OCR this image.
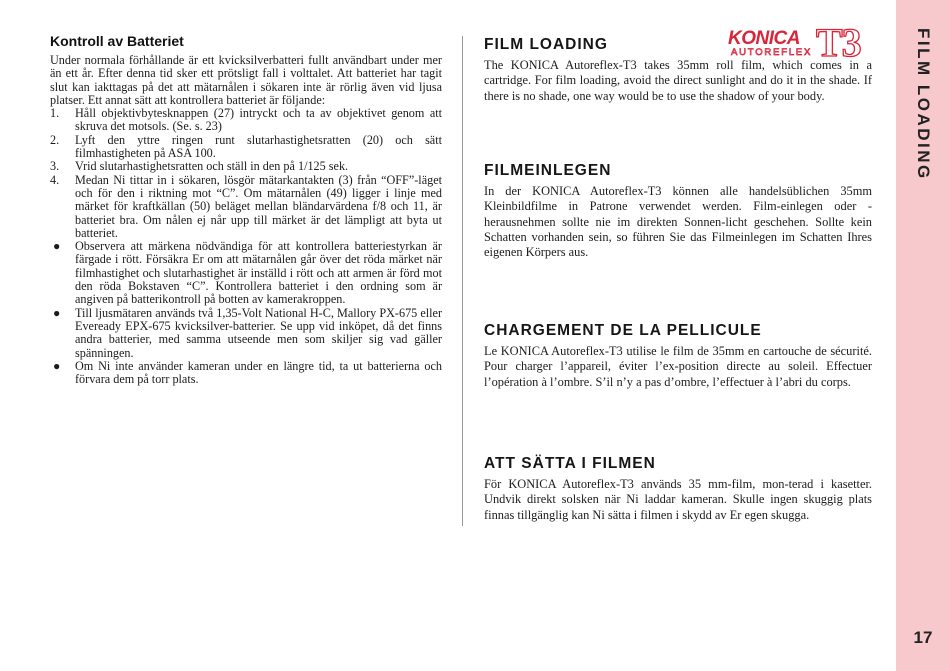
Kontroll av Batteriet

Under normala förhållande är ett kvicksilverbatteri fullt användbart under mer än ett år. Efter denna tid sker ett prötsligt fall i volttalet. Att batteriet har tagit slut kan iakttagas på det att mätarnålen i sökaren inte är rörlig även vid ljusa platser. Ett annat sätt att kontrollera batteriet är följande:

1. Håll objektivbytesknappen (27) intryckt och ta av objektivet genom att skruva det motsols. (Se. s. 23)
2. Lyft den yttre ringen runt slutarhastighetsratten (20) och sätt filmhastigheten på ASA 100.
3. Vrid slutarhastighetsratten och ställ in den på 1/125 sek.
4. Medan Ni tittar in i sökaren, lösgör mätarkantakten (3) från “OFF”-läget och för den i riktning mot “C”. Om mätarnålen (49) ligger i linje med märket för kraftkällan (50) beläget mellan bländarvärdena f/8 och 11, är batteriet bra. Om nålen ej når upp till märket är det lämpligt att byta ut batteriet.
● Observera att märkena nödvändiga för att kontrollera batteriestyrkan är färgade i rött. Försäkra Er om att mätarnålen går över det röda märket när filmhastighet och slutarhastighet är inställd i rött och att armen är förd mot den röda Bokstaven “C”. Kontrollera batteriet i den ordning som är angiven på batterikontroll på botten av kamerakroppen.
● Till ljusmätaren används två 1,35-Volt National H-C, Mallory PX-675 eller Eveready EPX-675 kvicksilver-batterier. Se upp vid inköpet, då det finns andra batterier, med samma utseende men som skiljer sig vad gäller spänningen.
● Om Ni inte använder kameran under en längre tid, ta ut batterierna och förvara dem på torr plats.
KONICA
AUTOREFLEX T3
FILM LOADING

The KONICA Autoreflex-T3 takes 35mm roll film, which comes in a cartridge. For film loading, avoid the direct sunlight and do it in the shade. If there is no shade, one way would be to use the shadow of your body.

FILMEINLEGEN

In der KONICA Autoreflex-T3 können alle handelsüblichen 35mm Kleinbildfilme in Patrone verwendet werden. Film-einlegen oder -herausnehmen sollte nie im direkten Sonnen-licht geschehen. Sollte kein Schatten vorhanden sein, so führen Sie das Filmeinlegen im Schatten Ihres eigenen Körpers aus.

CHARGEMENT DE LA PELLICULE

Le KONICA Autoreflex-T3 utilise le film de 35mm en cartouche de sécurité. Pour charger l’appareil, éviter l’ex-position directe au soleil. Effectuer l’opération à l’ombre. S’il n’y a pas d’ombre, l’effectuer à l’abri du corps.

ATT SÄTTA I FILMEN

För KONICA Autoreflex-T3 används 35 mm-film, mon-terad i kasetter. Undvik direkt solsken när Ni laddar kameran. Skulle ingen skuggig plats finnas tillgänglig kan Ni sätta i filmen i skydd av Er egen skugga.

FILM LOADING
17
